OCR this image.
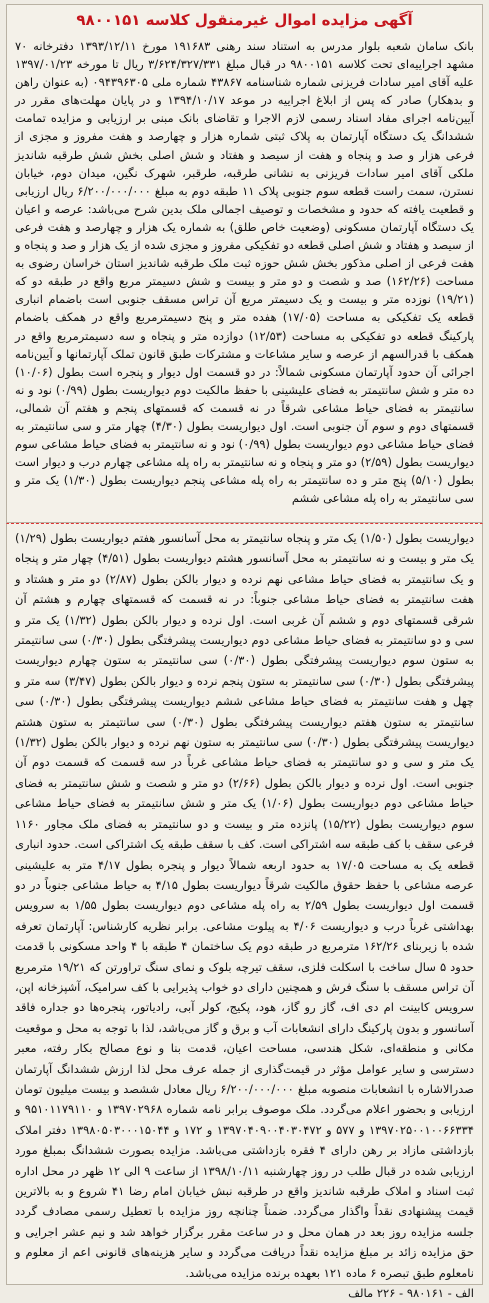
آگهی مزایده اموال غیرمنقول کلاسه ۹۸۰۰۱۵۱

بانک سامان شعبه بلوار مدرس به استناد سند رهنی ۱۹۱۶۸۳ مورخ ۱۳۹۳/۱۲/۱۱ دفترخانه ۷۰ مشهد اجراییه‌ای تحت کلاسه ۹۸۰۰۱۵۱ در قبال مبلغ ۳/۶۲۴/۳۲۷/۳۳۱ ریال تا مورخه ۱۳۹۷/۰۱/۲۳ علیه آقای امیر سادات فریزنی شماره شناسنامه ۴۳۸۶۷ شماره ملی ۰۹۴۳۹۶۳۰۵ (به عنوان راهن و بدهکار) صادر که پس از ابلاغ اجراییه در موعد ۱۳۹۴/۱۰/۱۷ و در پایان مهلت‌های مقرر در آیین‌نامه اجرای مفاد اسناد رسمی لازم الاجرا و تقاضای بانک مبنی بر ارزیابی و مزایده تمامت ششدانگ یک دستگاه آپارتمان به پلاک ثبتی شماره هزار و چهارصد و هفت مفروز و مجزی از فرعی هزار و صد و پنجاه و هفت از سیصد و هفتاد و شش اصلی بخش شش طرقبه شاندیز ملکی آقای امیر سادات فریزنی به نشانی طرقبه، طرقبر، شهرک نگین، میدان دوم، خیابان نسترن، سمت راست قطعه سوم جنوبی پلاک ۱۱ طبقه دوم به مبلغ ۶/۲۰۰/۰۰۰/۰۰۰ ریال ارزیابی و قطعیت یافته که حدود و مشخصات و توصیف اجمالی ملک بدین شرح می‌باشد: عرصه و اعیان یک دستگاه آپارتمان مسکونی (وضعیت خاص طلق) به شماره یک هزار و چهارصد و هفت فرعی از سیصد و هفتاد و شش اصلی قطعه دو تفکیکی مفروز و مجزی شده از یک هزار و صد و پنجاه و هفت فرعی از اصلی مذکور بخش شش حوزه ثبت ملک طرقبه شاندیز استان خراسان رضوی به مساحت (۱۶۲/۲۶) صد و شصت و دو متر و بیست و شش دسیمتر مربع واقع در طبقه دو که (۱۹/۲۱) نوزده متر و بیست و یک دسیمتر مربع آن تراس مسقف جنوبی است باضمام انباری قطعه یک تفکیکی به مساحت (۱۷/۰۵) هفده متر و پنج دسیمترمربع واقع در همکف باضمام پارکینگ قطعه دو تفکیکی به مساحت (۱۲/۵۳) دوازده متر و پنجاه و سه دسیمترمربع واقع در همکف با قدرالسهم از عرصه و سایر مشاعات و مشترکات طبق قانون تملک آپارتمانها و آیین‌نامه اجرائی آن حدود آپارتمان مسکونی شمالاً: در دو قسمت اول دیوار و پنجره است بطول (۱۰/۰۶) ده متر و شش سانتیمتر به فضای علیشینی با حفظ مالکیت دوم دیواریست بطول (۰/۹۹) نود و نه سانتیمتر به فضای حیاط مشاعی شرقاً در نه قسمت که قسمتهای پنجم و هفتم آن شمالی، قسمتهای دوم و سوم آن جنوبی است. اول دیواریست بطول (۴/۳۰) چهار متر و سی سانتیمتر به فضای حیاط مشاعی دوم دیواریست بطول (۰/۹۹) نود و نه سانتیمتر به فضای حیاط مشاعی سوم دیواریست بطول (۲/۵۹) دو متر و پنجاه و نه سانتیمتر به راه پله مشاعی چهارم درب و دیوار است بطول (۵/۱۰) پنج متر و ده سانتیمتر به راه پله مشاعی پنجم دیواریست بطول (۱/۳۰) یک متر و سی سانتیمتر به راه پله مشاعی ششم

دیواریست بطول (۱/۵۰) یک متر و پنجاه سانتیمتر به محل آسانسور هفتم دیواریست بطول (۱/۲۹) یک متر و بیست و نه سانتیمتر به محل آسانسور هشتم دیواریست بطول (۴/۵۱) چهار متر و پنجاه و یک سانتیمتر به فضای حیاط مشاعی نهم نرده و دیوار بالکن بطول (۲/۸۷) دو متر و هشتاد و هفت سانتیمتر به فضای حیاط مشاعی جنوباً: در نه قسمت که قسمتهای چهارم و هشتم آن شرقی قسمتهای دوم و ششم آن غربی است. اول نرده و دیوار بالکن بطول (۱/۳۲) یک متر و سی و دو سانتیمتر به فضای حیاط مشاعی دوم دیواریست پیشرفتگی بطول (۰/۳۰) سی سانتیمتر به ستون سوم دیواریست پیشرفتگی بطول (۰/۳۰) سی سانتیمتر به ستون چهارم دیواریست پیشرفتگی بطول (۰/۳۰) سی سانتیمتر به ستون پنجم نرده و دیوار بالکن بطول (۳/۴۷) سه متر و چهل و هفت سانتیمتر به فضای حیاط مشاعی ششم دیواریست پیشرفتگی بطول (۰/۳۰) سی سانتیمتر به ستون هفتم دیواریست پیشرفتگی بطول (۰/۳۰) سی سانتیمتر به ستون هشتم دیواریست پیشرفتگی بطول (۰/۳۰) سی سانتیمتر به ستون نهم نرده و دیوار بالکن بطول (۱/۳۲) یک متر و سی و دو سانتیمتر به فضای حیاط مشاعی غرباً در سه قسمت که قسمت دوم آن جنوبی است. اول نرده و دیوار بالکن بطول (۲/۶۶) دو متر و شصت و شش سانتیمتر به فضای حیاط مشاعی دوم دیواریست بطول (۱/۰۶) یک متر و شش سانتیمتر به فضای حیاط مشاعی سوم دیواریست بطول (۱۵/۲۲) پانزده متر و بیست و دو سانتیمتر به فضای ملک مجاور ۱۱۶۰ فرعی سقف با کف طبقه سه اشتراکی است. کف با سقف طبقه یک اشتراکی است. حدود انباری قطعه یک به مساحت ۱۷/۰۵ به حدود اربعه شمالاً دیوار و پنجره بطول ۴/۱۷ متر به علیشینی عرصه مشاعی با حفظ حقوق مالکیت شرقاً دیواریست بطول ۴/۱۵ به حیاط مشاعی جنوباً در دو قسمت اول دیواریست بطول ۲/۵۹ به راه پله مشاعی دوم دیواریست بطول ۱/۵۵ به سرویس بهداشتی غرباً درب و دیواریست ۴/۰۶ به پیلوت مشاعی. برابر نظریه کارشناس: آپارتمان تعرفه شده با زیربنای ۱۶۲/۲۶ مترمربع در طبقه دوم یک ساختمان ۴ طبقه با ۴ واحد مسکونی با قدمت حدود ۵ سال ساخت با اسکلت فلزی، سقف تیرچه بلوک و نمای سنگ تراورتن که ۱۹/۲۱ مترمربع آن تراس مسقف با سنگ فرش و همچنین دارای دو خواب پذیرایی با کف سرامیک، آشپزخانه اپن، سرویس کابینت ام دی اف، گاز رو گاز، هود، پکیج، کولر آبی، رادیاتور، پنجره‌ها دو جداره فاقد آسانسور و بدون پارکینگ دارای انشعابات آب و برق و گاز می‌باشد، لذا با توجه به محل و موقعیت مکانی و منطقه‌ای، شکل هندسی، مساحت اعیان، قدمت بنا و نوع مصالح بکار رفته، معبر دسترسی و سایر عوامل مؤثر در قیمت‌گذاری از جمله عرف محل لذا ارزش ششدانگ آپارتمان صدرالاشاره با انشعابات منصوبه مبلغ ۶/۲۰۰/۰۰۰/۰۰۰ ریال معادل ششصد و بیست میلیون تومان ارزیابی و بحضور اعلام می‌گردد. ملک موصوف برابر نامه شماره ۱۳۹۷۰۲۹۶۸ و ۹۵۱۰۱۱۷۹۱۱۰ و ۱۳۹۷۰۲۵۰۰۱۰۰۶۶۳۳۴ و ۵۷۷ و ۱۳۹۷۰۴۰۹۰۰۴۰۳۰۴۷۲ و ۱۷۲ و ۱۳۹۸۰۵۰۳۰۰۰۱۵۰۴۴ دفتر املاک بازداشتی مازاد بر رهن دارای ۴ فقره بازداشتی می‌باشد. مزایده بصورت ششدانگ بمبلغ مورد ارزیابی شده در قبال طلب در روز چهارشنبه ۱۳۹۸/۱۰/۱۱ از ساعت ۹ الی ۱۲ ظهر در محل اداره ثبت اسناد و املاک طرقبه شاندیز واقع در طرقبه نبش خیابان امام رضا ۴۱ شروع و به بالاترین قیمت پیشنهادی نقداً واگذار می‌گردد. ضمناً چنانچه روز مزایده با تعطیل رسمی مصادف گردد جلسه مزایده روز بعد در همان محل و در ساعت مقرر برگزار خواهد شد و نیم عشر اجرایی و حق مزایده زائد بر مبلغ مزایده نقداً دریافت می‌گردد و سایر هزینه‌های قانونی اعم از معلوم و نامعلوم طبق تبصره ۶ ماده ۱۲۱ بعهده برنده مزایده می‌باشد.

الف - ۹۸۰۱۶۱ - ۲۲۶ مالف
